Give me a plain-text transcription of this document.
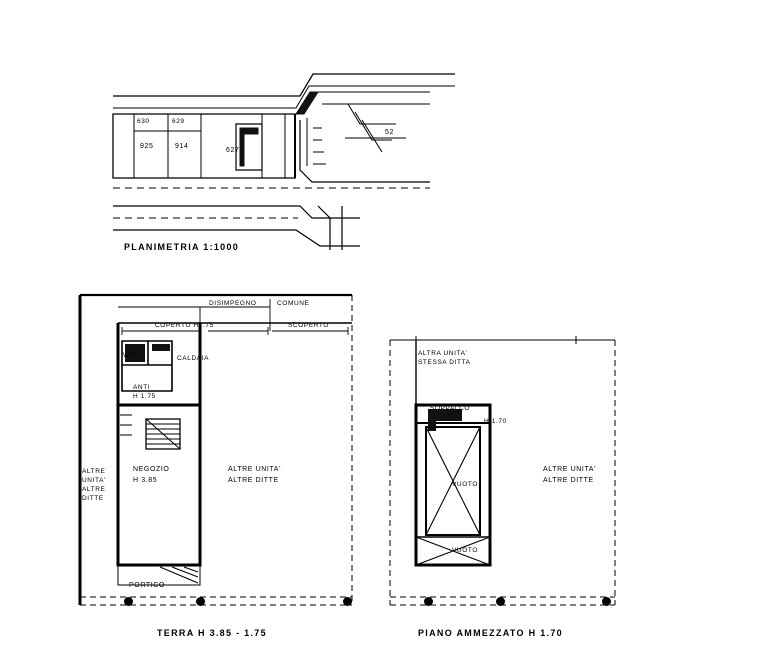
630	629
925	914
627
52
PLANIMETRIA 1:1000
DISIMPEGNO	COMUNE
COPERTO H1.75	SCOPERTO
W.C.	CALDAIA
ANTI
H 1.75
NEGOZIO
H 3.85
ALTRE UNITA'
ALTRE DITTE
ALTRE
UNITA'
ALTRE
DITTE
PORTICO
TERRA H 3.85 - 1.75
ALTRA UNITA'
STESSA DITTA
SOPPALCO
H 1.70
VUOTO
VUOTO
ALTRE UNITA'
ALTRE DITTE
PIANO AMMEZZATO H 1.70
